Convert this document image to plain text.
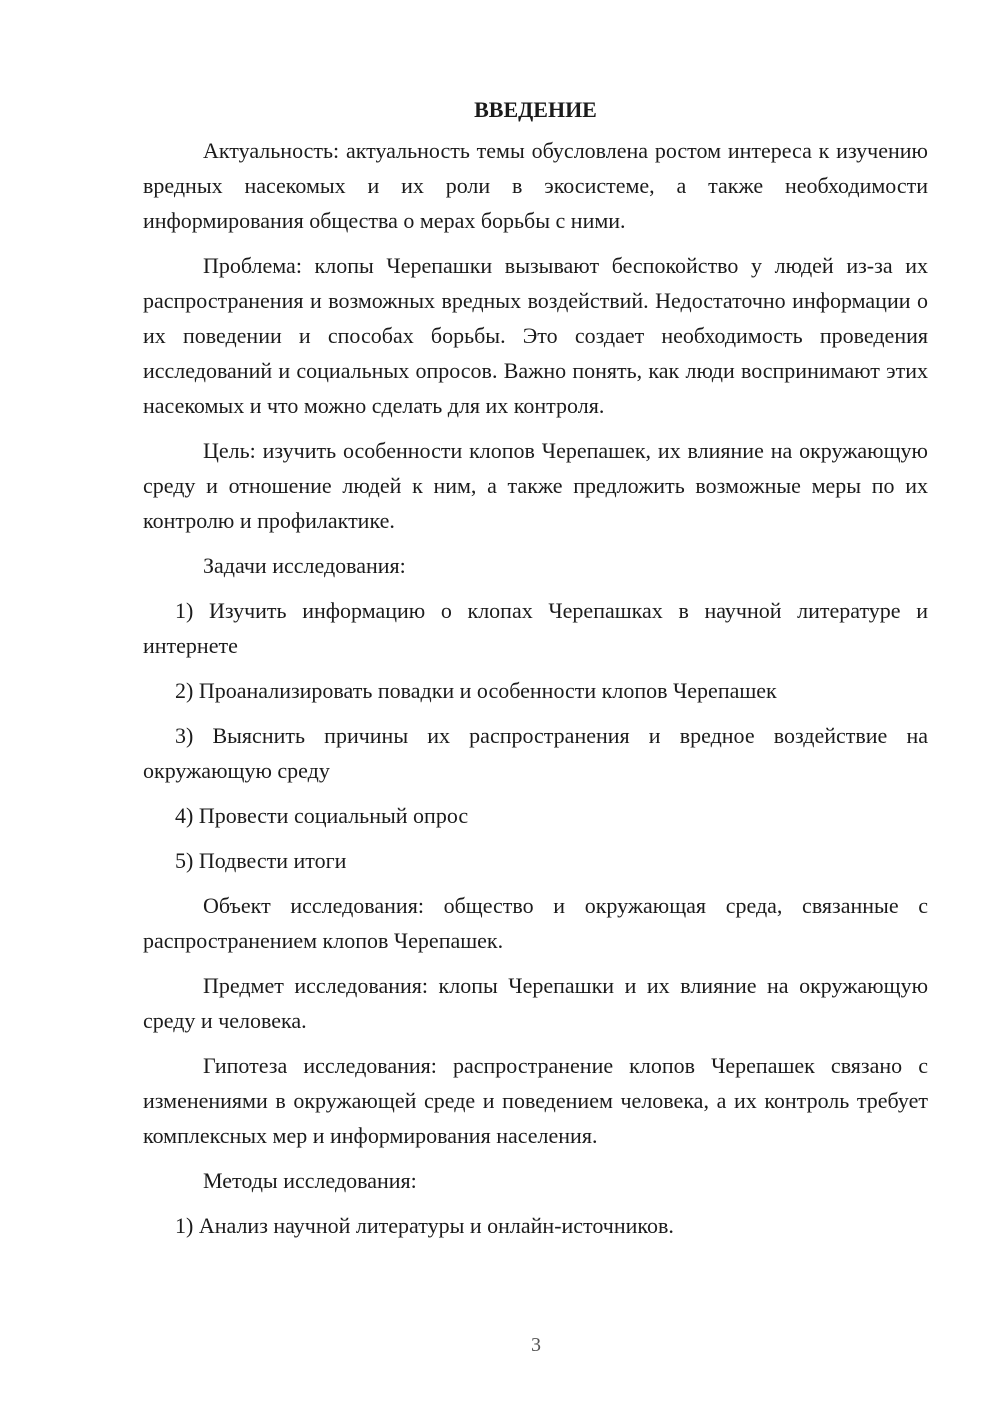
ВВЕДЕНИЕ

Актуальность: актуальность темы обусловлена ростом интереса к изучению вредных насекомых и их роли в экосистеме, а также необходимости информирования общества о мерах борьбы с ними.

Проблема: клопы Черепашки вызывают беспокойство у людей из-за их распространения и возможных вредных воздействий. Недостаточно информации о их поведении и способах борьбы. Это создает необходимость проведения исследований и социальных опросов. Важно понять, как люди воспринимают этих насекомых и что можно сделать для их контроля.

Цель: изучить особенности клопов Черепашек, их влияние на окружающую среду и отношение людей к ним, а также предложить возможные меры по их контролю и профилактике.

Задачи исследования:

1) Изучить информацию о клопах Черепашках в научной литературе и интернете

2) Проанализировать повадки и особенности клопов Черепашек

3) Выяснить причины их распространения и вредное воздействие на окружающую среду

4) Провести социальный опрос

5) Подвести итоги

Объект исследования: общество и окружающая среда, связанные с распространением клопов Черепашек.

Предмет исследования: клопы Черепашки и их влияние на окружающую среду и человека.

Гипотеза исследования: распространение клопов Черепашек связано с изменениями в окружающей среде и поведением человека, а их контроль требует комплексных мер и информирования населения.

Методы исследования:

1) Анализ научной литературы и онлайн-источников.

3
